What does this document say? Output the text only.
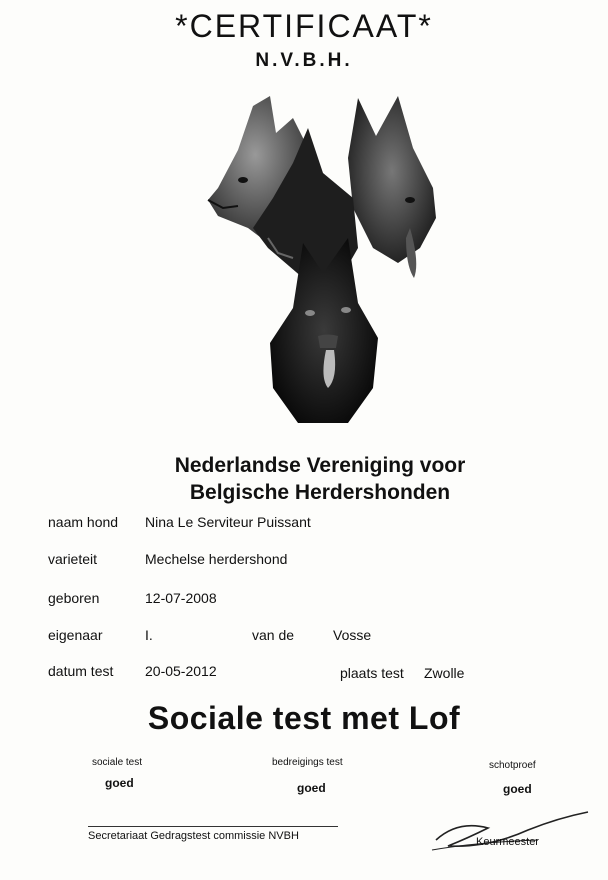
*CERTIFICAAT*
N.V.B.H.
Nederlandse Vereniging voor
Belgische Herdershonden
naam hond Nina Le Serviteur Puissant
varieteit	Mechelse herdershond
geboren	12-07-2008
eigenaar	I.	van de	Vosse
datum test 20-05-2012	plaats test Zwolle
Sociale test met Lof
sociale test
goed
bedreigings test
goed
schotproef
goed
Secretariaat Gedragstest commissie NVBH	Keurmeester
